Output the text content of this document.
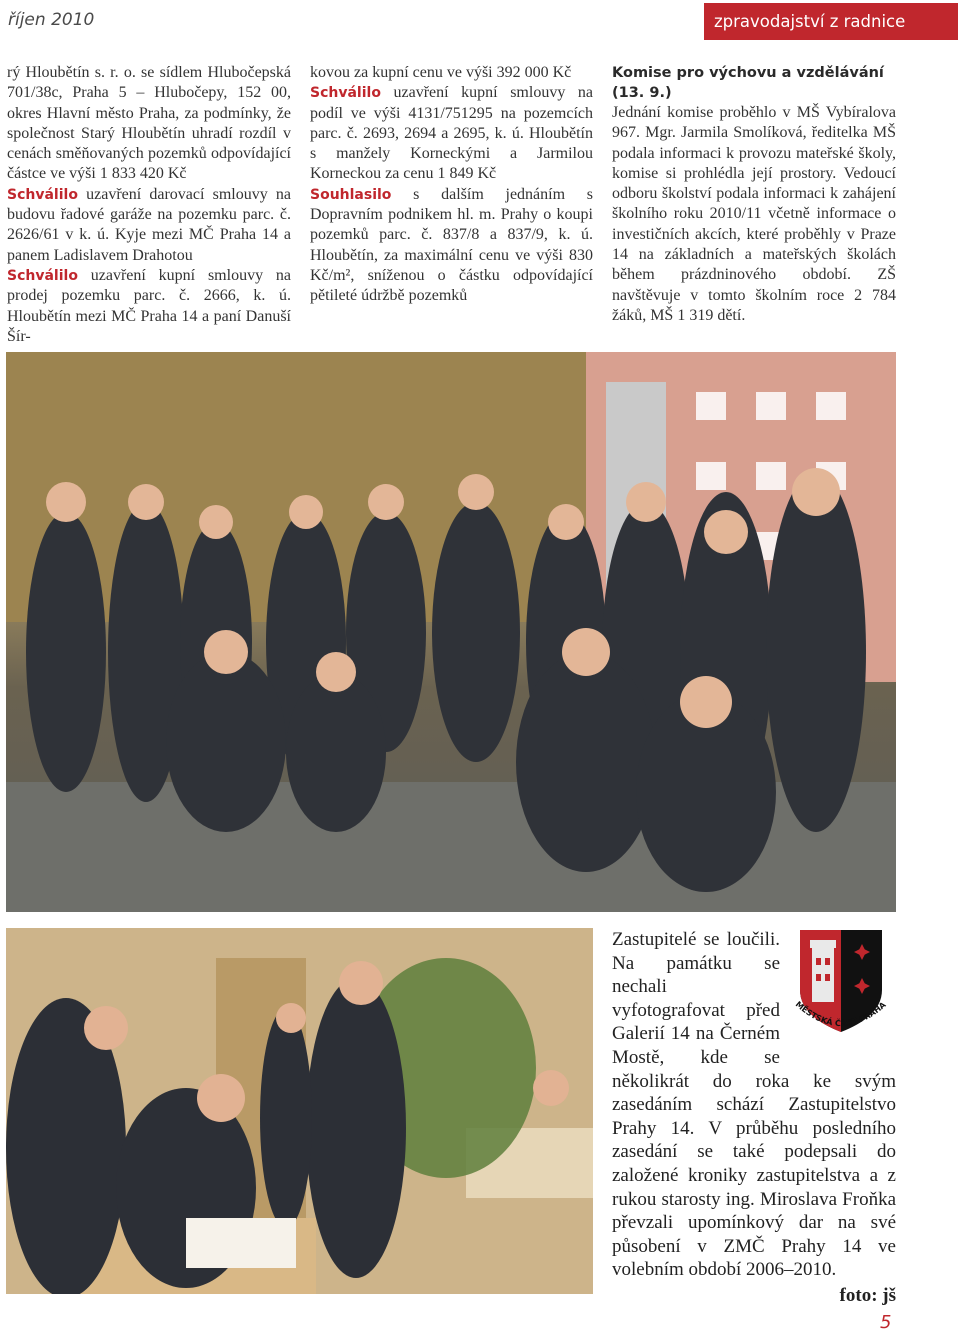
říjen 2010	zpravodajství z radnice

rý Hloubětín s. r. o. se sídlem Hlubočepská 701/38c, Praha 5 – Hlubočepy, 152 00, okres Hlavní město Praha, za podmínky, že společnost Starý Hloubětín uhradí rozdíl v cenách směňovaných pozemků odpovídající částce ve výši 1 833 420 Kč
Schválilo uzavření darovací smlouvy na budovu řadové garáže na pozemku parc. č. 2626/61 v k. ú. Kyje mezi MČ Praha 14 a panem Ladislavem Drahotou
Schválilo uzavření kupní smlouvy na prodej pozemku parc. č. 2666, k. ú. Hloubětín mezi MČ Praha 14 a paní Danuší Šír-

kovou za kupní cenu ve výši 392 000 Kč
Schválilo uzavření kupní smlouvy na podíl ve výši 4131/751295 na pozemcích parc. č. 2693, 2694 a 2695, k. ú. Hloubětín s manžely Korneckými a Jarmilou Korneckou za cenu 1 849 Kč
Souhlasilo s dalším jednáním s Dopravním podnikem hl. m. Prahy o koupi pozemků parc. č. 837/8 a 837/9, k. ú. Hloubětín, za maximální cenu ve výši 830 Kč/m², sníženou o částku odpovídající pětileté údržbě pozemků

Komise pro výchovu a vzdělávání (13. 9.)

Jednání komise proběhlo v MŠ Vybíralova 967. Mgr. Jarmila Smolíková, ředitelka MŠ podala informaci k provozu mateřské školy, komise si prohlédla její prostory. Vedoucí odboru školství podala informaci k zahájení školního roku 2010/11 včetně informace o investičních akcích, které proběhly v Praze 14 na základních a mateřských školách během prázdninového období. ZŠ navštěvuje v tomto školním roce 2 784 žáků, MŠ 1 319 dětí.

MĚSTSKÁ ČÁST PRAHA
Zastupitelé se loučili. Na památku se nechali vyfotografovat před Galerií 14 na Černém Mostě, kde se několikrát do roka ke svým zasedáním schází Zastupitelstvo Prahy 14. V průběhu posledního zasedání se také podepsali do založené kroniky zastupitelstva a z rukou starosty ing. Miroslava Froňka převzali upomínkový dar na své působení v ZMČ Prahy 14 ve volebním období 2006–2010.
foto: jš
5
